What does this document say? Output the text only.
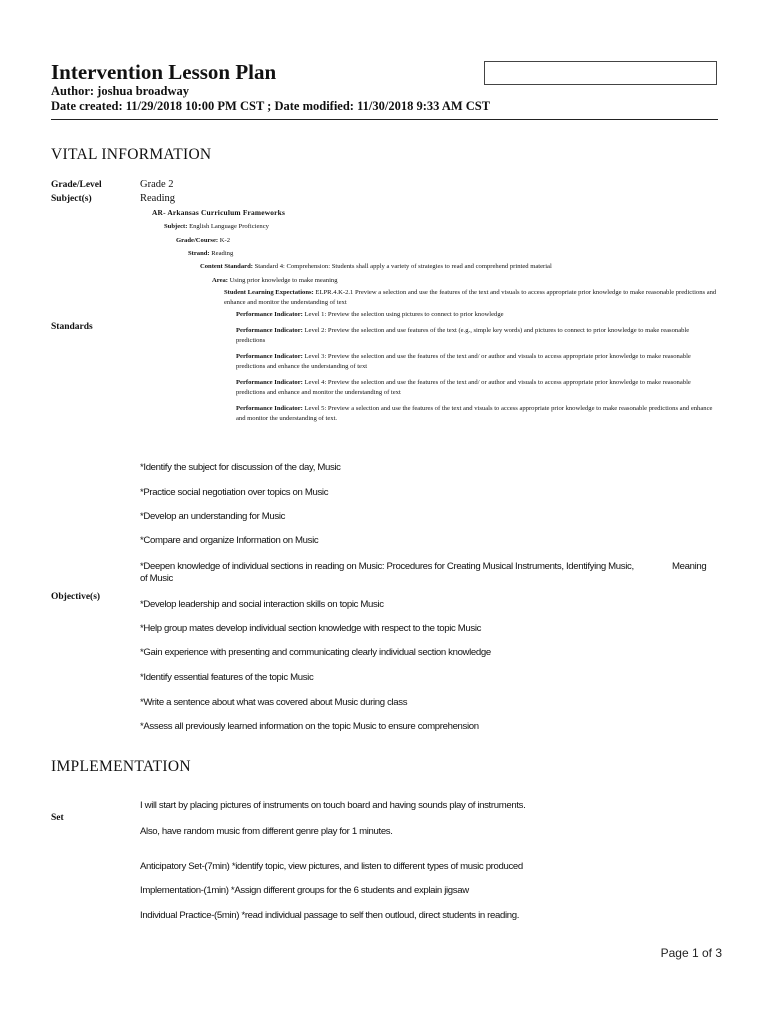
Intervention Lesson Plan
Author: joshua broadway
Date created: 11/29/2018 10:00 PM CST ; Date modified: 11/30/2018 9:33 AM CST
VITAL INFORMATION
Grade/Level	Grade 2
Subject(s)	Reading
AR- Arkansas Curriculum Frameworks
Subject: English Language Proficiency
Grade/Course: K-2
Strand: Reading
Content Standard: Standard 4: Comprehension: Students shall apply a variety of strategies to read and comprehend printed material
Area: Using prior knowledge to make meaning
Student Learning Expectations: ELPR.4.K-2.1 Preview a selection and use the features of the text and visuals to access appropriate prior knowledge to make reasonable predictions and enhance and monitor the understanding of text
Standards
Performance Indicator: Level 1: Preview the selection using pictures to connect to prior knowledge
Performance Indicator: Level 2: Preview the selection and use features of the text (e.g., simple key words) and pictures to connect to prior knowledge to make reasonable predictions
Performance Indicator: Level 3: Preview the selection and use the features of the text and/ or author and visuals to access appropriate prior knowledge to make reasonable predictions and enhance the understanding of text
Performance Indicator: Level 4: Preview the selection and use the features of the text and/ or author and visuals to access appropriate prior knowledge to make reasonable predictions and enhance and monitor the understanding of text
Performance Indicator: Level 5: Preview a selection and use the features of the text and visuals to access appropriate prior knowledge to make reasonable predictions and enhance and monitor the understanding of text.
Objective(s)
*Identify the subject for discussion of the day, Music
*Practice social negotiation over topics on Music
*Develop an understanding for Music
*Compare and organize Information on Music
*Deepen knowledge of individual sections in reading on Music: Procedures for Creating Musical Instruments, Identifying Music,	Meaning
of Music
*Develop leadership and social interaction skills on topic Music
*Help group mates develop individual section knowledge with respect to the topic Music
*Gain experience with presenting and communicating clearly individual section knowledge
*Identify essential features of the topic Music
*Write a sentence about what was covered about Music during class
*Assess all previously learned information on the topic Music to ensure comprehension
IMPLEMENTATION
Set
I will start by placing pictures of instruments on touch board and having sounds play of instruments.
Also, have random music from different genre play for 1 minutes.
Anticipatory Set-(7min) *identify topic, view pictures, and listen to different types of music produced
Implementation-(1min) *Assign different groups for the 6 students and explain jigsaw
Individual Practice-(5min) *read individual passage to self then outloud, direct students in reading.
Page 1 of 3
